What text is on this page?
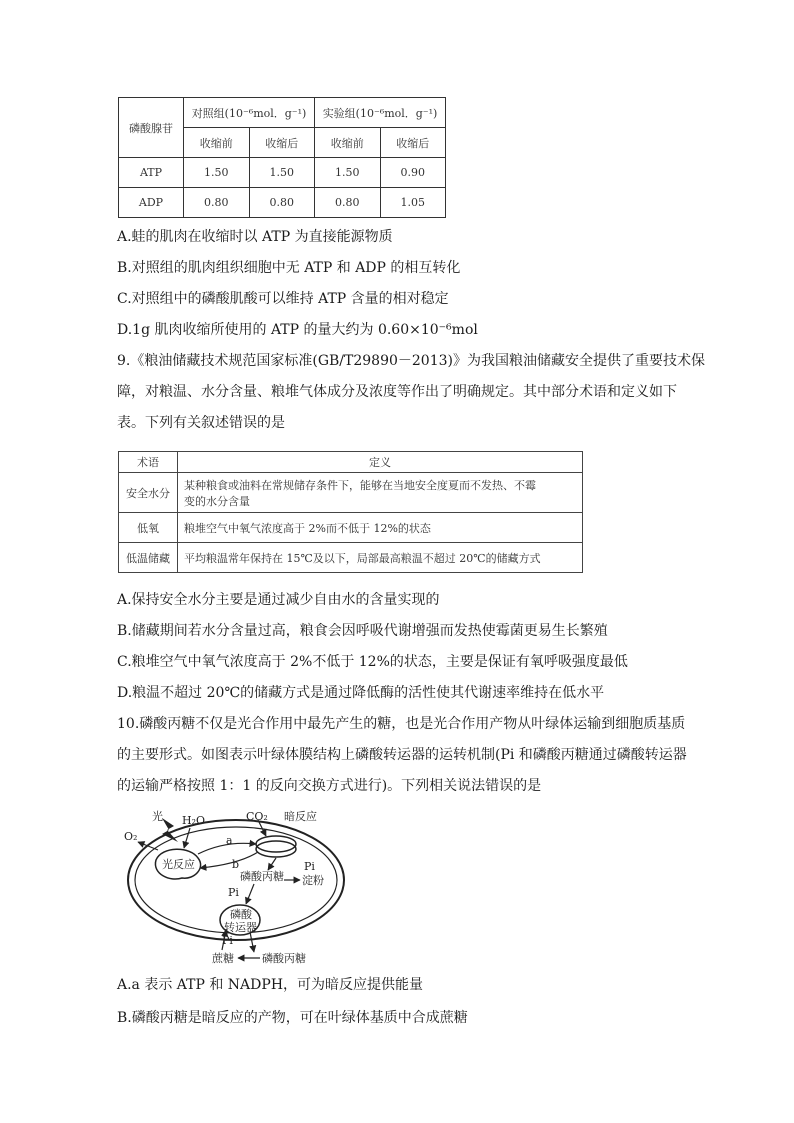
磷酸腺苷	对照组(10⁻⁶mol．g⁻¹)		实验组(10⁻⁶mol．g⁻¹)	
	收缩前	收缩后	收缩前	收缩后
ATP	1.50	1.50	1.50	0.90
ADP	0.80	0.80	0.80	1.05
A.蛙的肌肉在收缩时以 ATP 为直接能源物质
B.对照组的肌肉组织细胞中无 ATP 和 ADP 的相互转化
C.对照组中的磷酸肌酸可以维持 ATP 含量的相对稳定
D.1g 肌肉收缩所使用的 ATP 的量大约为 0.60×10⁻⁶mol
9.《粮油储藏技术规范国家标准(GB/T29890－2013)》为我国粮油储藏安全提供了重要技术保
障，对粮温、水分含量、粮堆气体成分及浓度等作出了明确规定。其中部分术语和定义如下
表。下列有关叙述错误的是
术语	定义
安全水分	某种粮食或油料在常规储存条件下，能够在当地安全度夏而不发热、不霉
变的水分含量

低氧	粮堆空气中氧气浓度高于 2%而不低于 12%的状态
低温储藏	平均粮温常年保持在 15℃及以下，局部最高粮温不超过 20℃的储藏方式
A.保持安全水分主要是通过减少自由水的含量实现的
B.储藏期间若水分含量过高，粮食会因呼吸代谢增强而发热使霉菌更易生长繁殖
C.粮堆空气中氧气浓度高于 2%不低于 12%的状态，主要是保证有氧呼吸强度最低
D.粮温不超过 20℃的储藏方式是通过降低酶的活性使其代谢速率维持在低水平
10.磷酸丙糖不仅是光合作用中最先产生的糖，也是光合作用产物从叶绿体运输到细胞质基质
的主要形式。如图表示叶绿体膜结构上磷酸转运器的运转机制(Pi 和磷酸丙糖通过磷酸转运器
的运输严格按照 1：1 的反向交换方式进行)。下列相关说法错误的是
光 H₂O
O₂
CO₂ 暗反应
光反应
a
b	Pi
淀粉
磷酸丙糖
Pi
磷酸
转运器
Pi
蔗糖	磷酸丙糖
A.a 表示 ATP 和 NADPH，可为暗反应提供能量
B.磷酸丙糖是暗反应的产物，可在叶绿体基质中合成蔗糖
